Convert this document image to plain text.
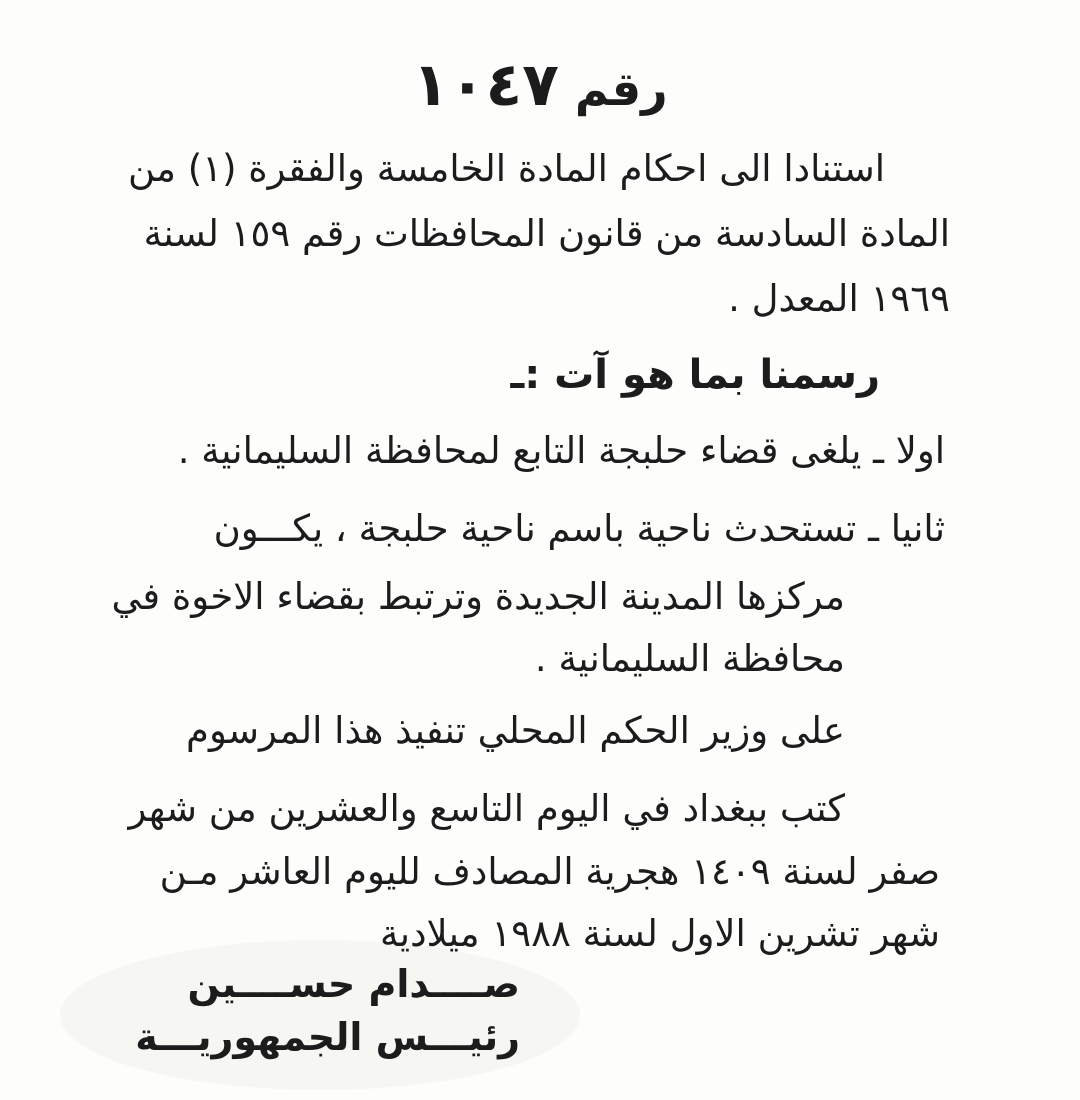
رقم ١٠٤٧
استنادا الى احكام المادة الخامسة والفقرة (١) من
المادة السادسة من قانون المحافظات رقم ١٥٩ لسنة
١٩٦٩ المعدل .
رسمنا بما هو آت :ـ
اولا ـ يلغى قضاء حلبجة التابع لمحافظة السليمانية .
ثانيا ـ تستحدث ناحية باسم ناحية حلبجة ، يكـــون
مركزها المدينة الجديدة وترتبط بقضاء الاخوة في
محافظة السليمانية .
على وزير الحكم المحلي تنفيذ هذا المرسوم
كتب ببغداد في اليوم التاسع والعشرين من شهر
صفر لسنة ١٤٠٩ هجرية المصادف لليوم العاشر مـن
شهر تشرين الاول لسنة ١٩٨٨ ميلادية
صــــدام حســــين
رئيـــس الجمهوريـــة
